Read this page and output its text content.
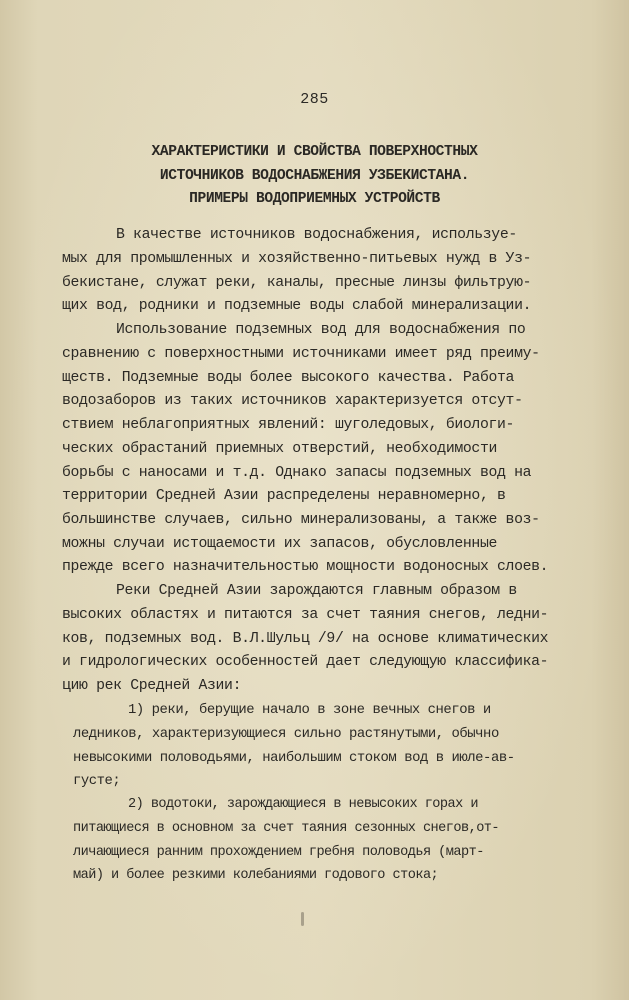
285
ХАРАКТЕРИСТИКИ И СВОЙСТВА ПОВЕРХНОСТНЫХ
ИСТОЧНИКОВ ВОДОСНАБЖЕНИЯ УЗБЕКИСТАНА.
ПРИМЕРЫ ВОДОПРИЕМНЫХ УСТРОЙСТВ
В качестве источников водоснабжения, используе-
мых для промышленных и хозяйственно-питьевых нужд в Уз-
бекистане, служат реки, каналы, пресные линзы фильтрую-
щих вод, родники и подземные воды слабой минерализации.
Использование подземных вод для водоснабжения по
сравнению с поверхностными источниками имеет ряд преиму-
ществ. Подземные воды более высокого качества. Работа
водозаборов из таких источников характеризуется отсут-
ствием неблагоприятных явлений: шуголедовых, биологи-
ческих обрастаний приемных отверстий, необходимости
борьбы с наносами и т.д. Однако запасы подземных вод на
территории Средней Азии распределены неравномерно, в
большинстве случаев, сильно минерализованы, а также воз-
можны случаи истощаемости их запасов, обусловленные
прежде всего назначительностью мощности водоносных слоев.
Реки Средней Азии зарождаются главным образом в
высоких областях и питаются за счет таяния снегов, ледни-
ков, подземных вод. В.Л.Шульц /9/ на основе климатических
и гидрологических особенностей дает следующую классифика-
цию рек Средней Азии:
1) реки, берущие начало в зоне вечных снегов и
ледников, характеризующиеся сильно растянутыми, обычно
невысокими половодьями, наибольшим стоком вод в июле-ав-
густе;
2) водотоки, зарождающиеся в невысоких горах и
питающиеся в основном за счет таяния сезонных снегов,от-
личающиеся ранним прохождением гребня половодья (март-
май) и более резкими колебаниями годового стока;
